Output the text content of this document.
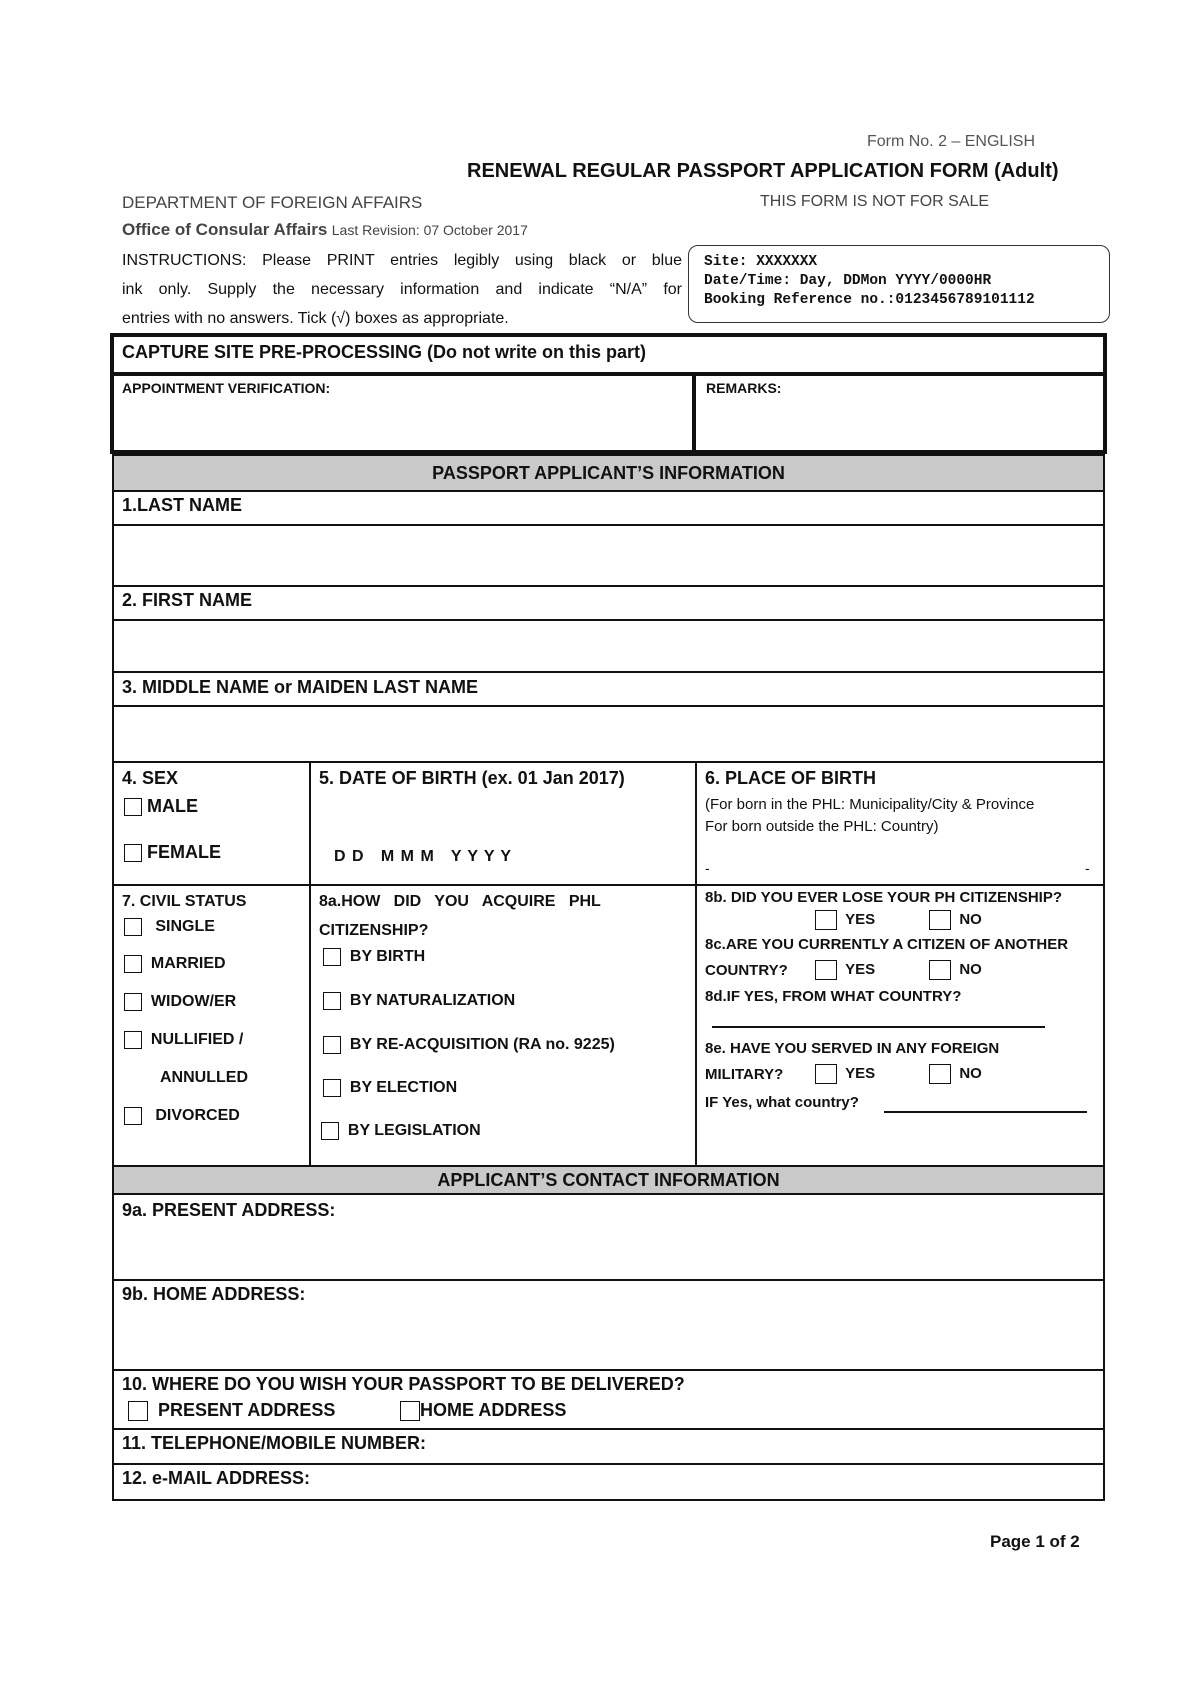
Form No. 2 – ENGLISH
RENEWAL REGULAR PASSPORT APPLICATION FORM (Adult)
DEPARTMENT OF FOREIGN AFFAIRS	THIS FORM IS NOT FOR SALE
Office of Consular Affairs Last Revision: 07 October 2017
INSTRUCTIONS: Please PRINT entries legibly using black or blue
ink only. Supply the necessary information and indicate “N/A” for
entries with no answers. Tick (√) boxes as appropriate.
Site: XXXXXXX
Date/Time: Day, DDMon YYYY/0000HR
Booking Reference no.:0123456789101112
CAPTURE SITE PRE-PROCESSING (Do not write on this part)
APPOINTMENT VERIFICATION:	REMARKS:
PASSPORT APPLICANT’S INFORMATION
1.LAST NAME
2. FIRST NAME
3. MIDDLE NAME or MAIDEN LAST NAME
4. SEX
MALE
FEMALE
5. DATE OF BIRTH (ex. 01 Jan 2017)
D D   M M M   Y Y Y Y
6. PLACE OF BIRTH
(For born in the PHL: Municipality/City & Province
For born outside the PHL: Country)
-	-
7. CIVIL STATUS
SINGLE
MARRIED
WIDOW/ER
NULLIFIED /
ANNULLED
DIVORCED
8a.HOW   DID   YOU   ACQUIRE   PHL
CITIZENSHIP?
BY BIRTH
BY NATURALIZATION
BY RE-ACQUISITION (RA no. 9225)
BY ELECTION
BY LEGISLATION
8b. DID YOU EVER LOSE YOUR PH CITIZENSHIP?
YES	NO
8c.ARE YOU CURRENTLY A CITIZEN OF ANOTHER
COUNTRY?	YES	NO
8d.IF YES, FROM WHAT COUNTRY?
8e. HAVE YOU SERVED IN ANY FOREIGN
MILITARY?	YES	NO
IF Yes, what country?
APPLICANT’S CONTACT INFORMATION
9a. PRESENT ADDRESS:
9b. HOME ADDRESS:
10. WHERE DO YOU WISH YOUR PASSPORT TO BE DELIVERED?
PRESENT ADDRESS	HOME ADDRESS
11. TELEPHONE/MOBILE NUMBER:
12. e-MAIL ADDRESS:
Page 1 of 2
